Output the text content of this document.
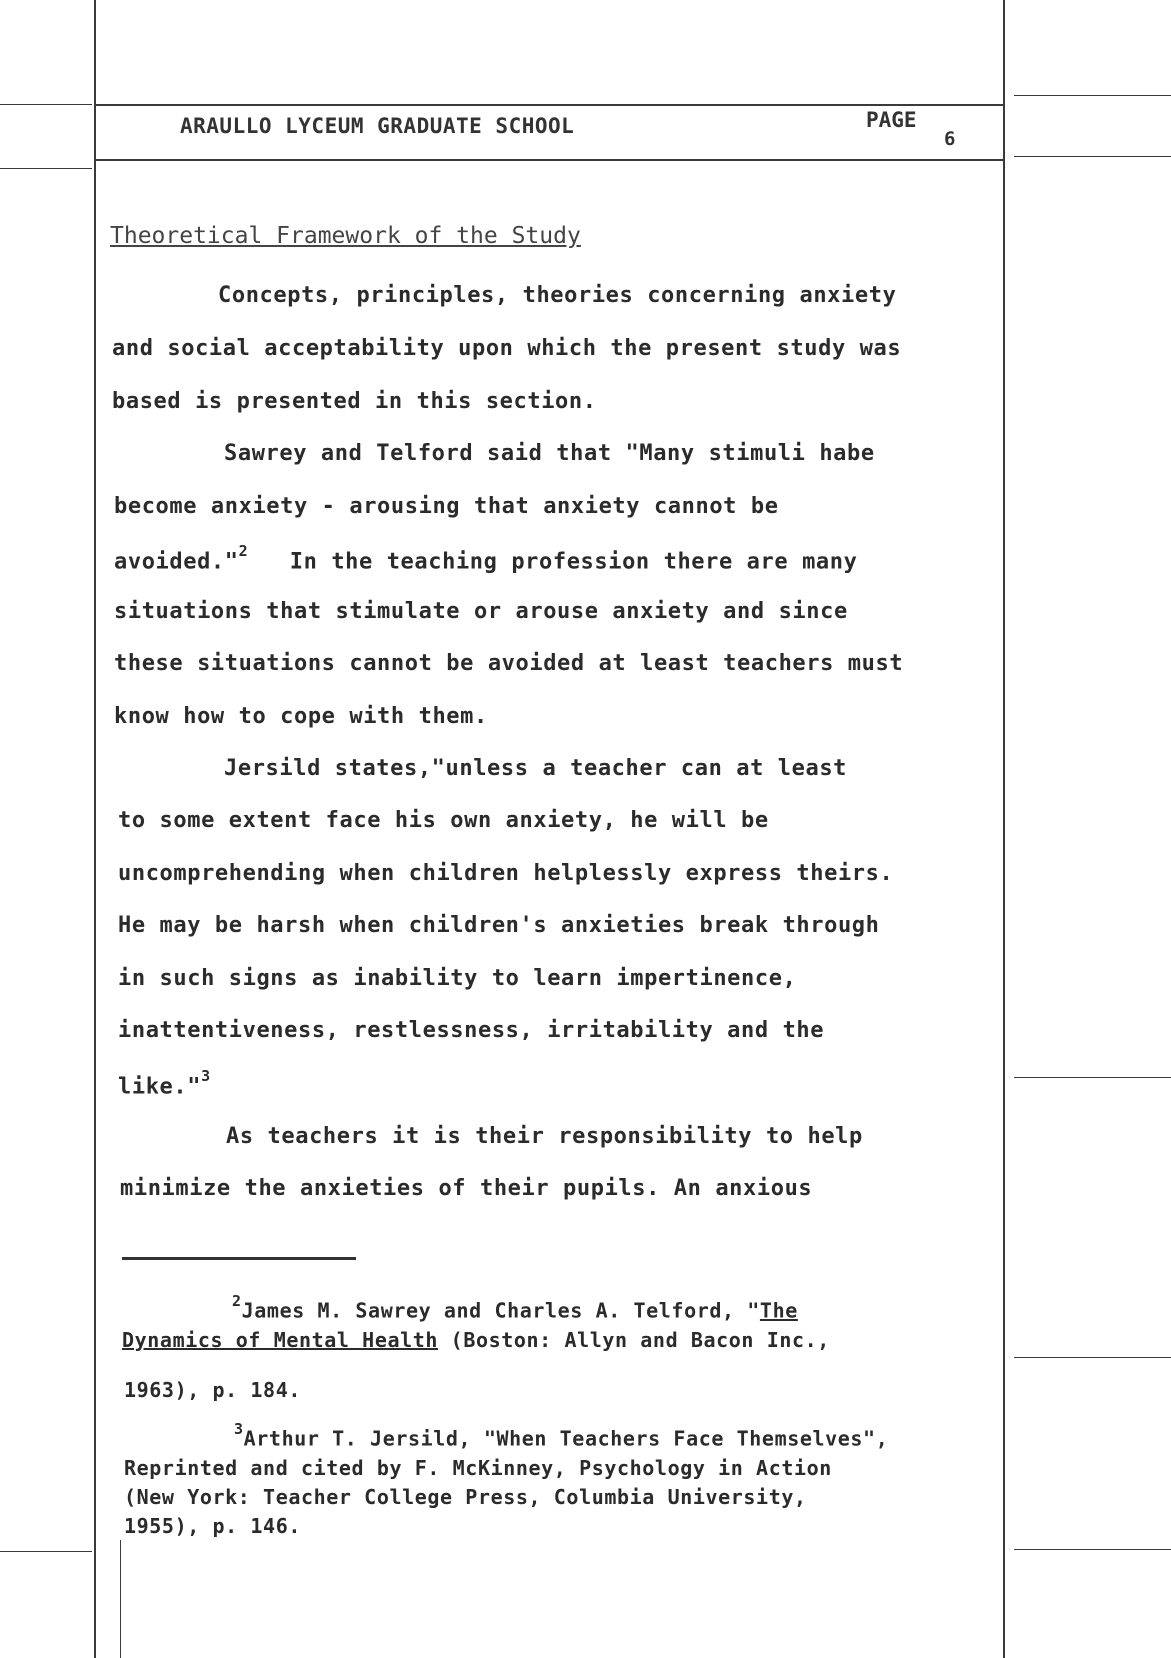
ARAULLO LYCEUM GRADUATE SCHOOL	PAGE
6
Theoretical Framework of the Study
Concepts, principles, theories concerning anxiety
and social acceptability upon which the present study was
based is presented in this section.
Sawrey and Telford said that "Many stimuli habe
become anxiety - arousing that anxiety cannot be
avoided."$^2$ In the teaching profession there are many
situations that stimulate or arouse anxiety and since
these situations cannot be avoided at least teachers must
know how to cope with them.
Jersild states,"unless a teacher can at least
to some extent face his own anxiety, he will be
uncomprehending when children helplessly express theirs.
He may be harsh when children's anxieties break through
in such signs as inability to learn impertinence,
inattentiveness, restlessness, irritability and the
like."$^3$
As teachers it is their responsibility to help
minimize the anxieties of their pupils. An anxious
$^2$James M. Sawrey and Charles A. Telford, "The
Dynamics of Mental Health (Boston: Allyn and Bacon Inc.,
1963), p. 184.
$^3$Arthur T. Jersild, "When Teachers Face Themselves",
Reprinted and cited by F. McKinney, Psychology in Action
(New York: Teacher College Press, Columbia University,
1955), p. 146.
